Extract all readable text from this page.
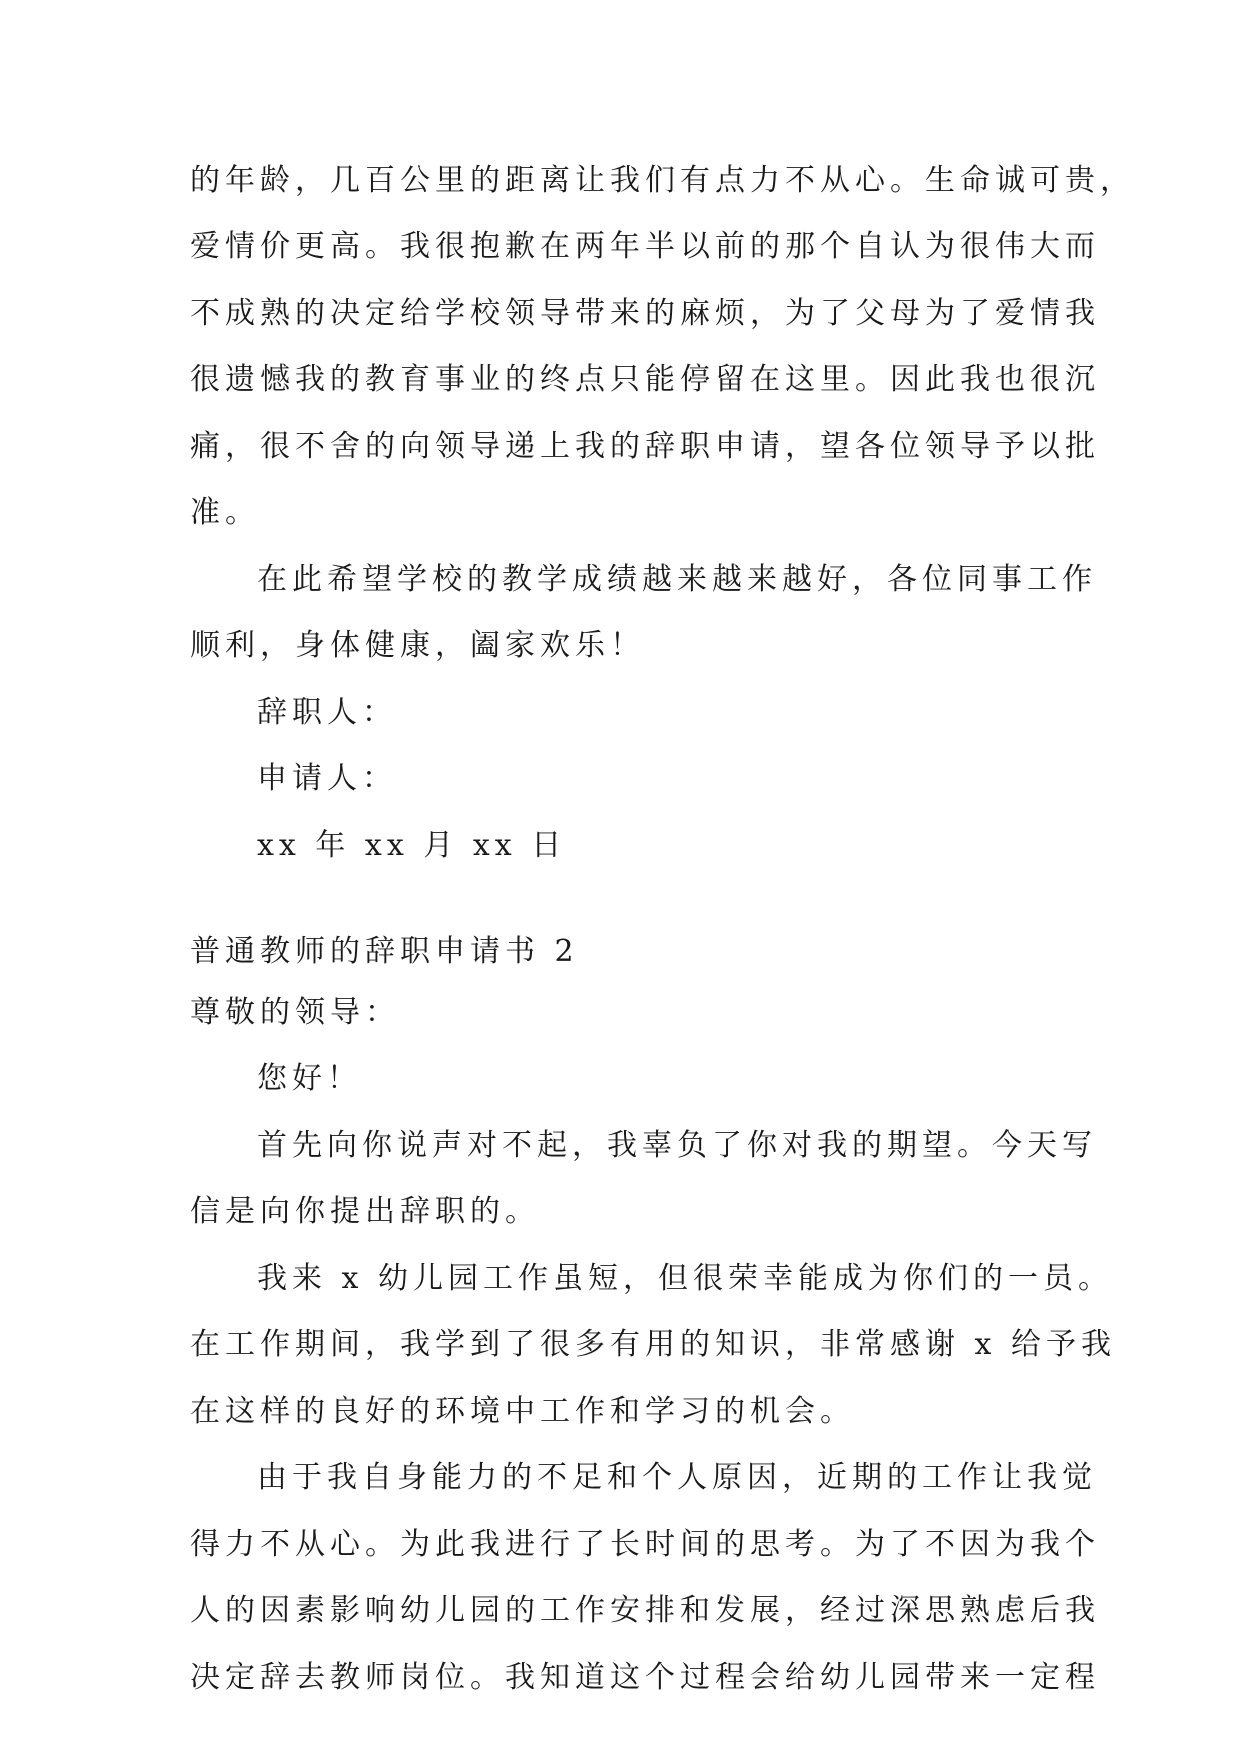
的年龄，几百公里的距离让我们有点力不从心。生命诚可贵，
爱情价更高。我很抱歉在两年半以前的那个自认为很伟大而
不成熟的决定给学校领导带来的麻烦，为了父母为了爱情我
很遗憾我的教育事业的终点只能停留在这里。因此我也很沉
痛，很不舍的向领导递上我的辞职申请，望各位领导予以批
准。
在此希望学校的教学成绩越来越来越好，各位同事工作
顺利，身体健康，阖家欢乐！
辞职人：
申请人：
xx 年 xx 月 xx 日
普通教师的辞职申请书 2
尊敬的领导：
您好！
首先向你说声对不起，我辜负了你对我的期望。今天写
信是向你提出辞职的。
我来 x 幼儿园工作虽短，但很荣幸能成为你们的一员。
在工作期间，我学到了很多有用的知识，非常感谢 x 给予我
在这样的良好的环境中工作和学习的机会。
由于我自身能力的不足和个人原因，近期的工作让我觉
得力不从心。为此我进行了长时间的思考。为了不因为我个
人的因素影响幼儿园的工作安排和发展，经过深思熟虑后我
决定辞去教师岗位。我知道这个过程会给幼儿园带来一定程
